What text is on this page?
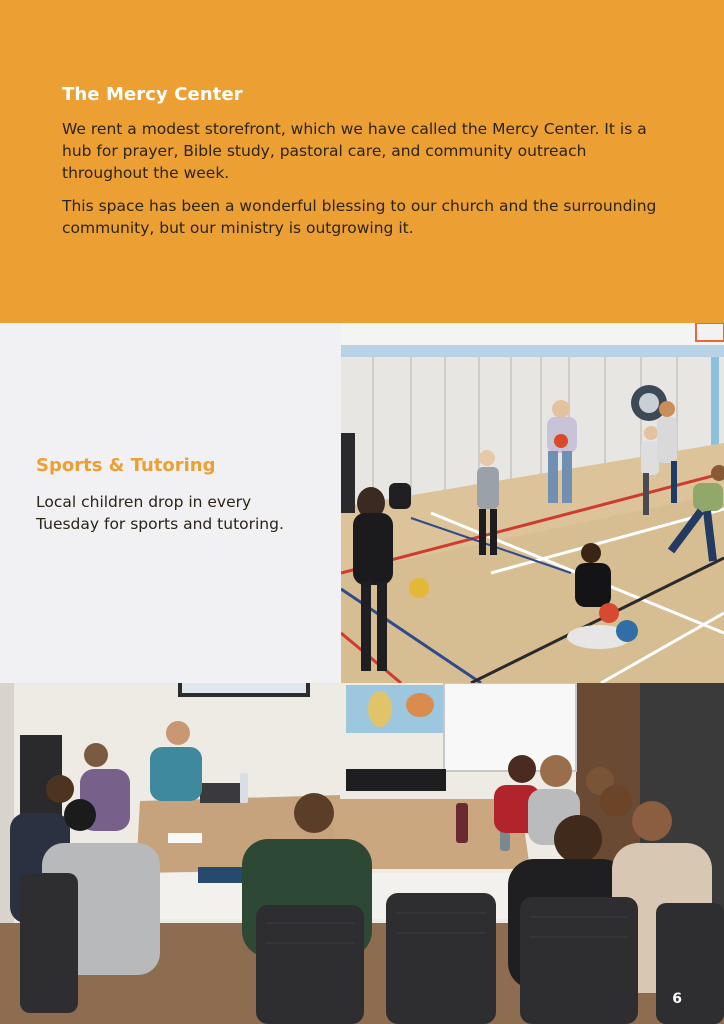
The Mercy Center

We rent a modest storefront, which we have called the Mercy Center. It is a hub for prayer, Bible study, pastoral care, and community outreach throughout the week.

This space has been a wonderful blessing to our church and the surrounding community, but our ministry is outgrowing it.

Sports & Tutoring

Local children drop in every Tuesday for sports and tutoring.

6
